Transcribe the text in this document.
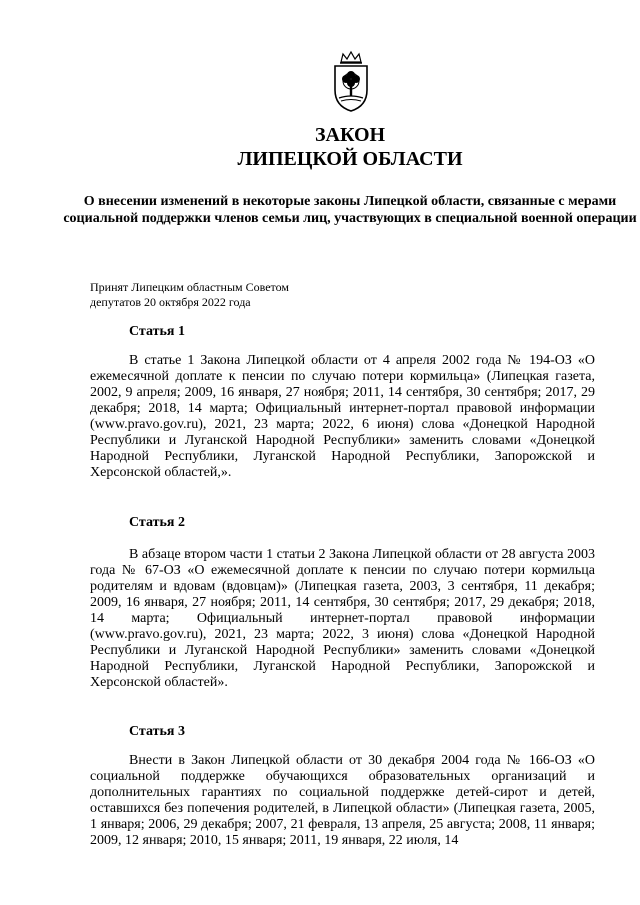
ЗАКОН
ЛИПЕЦКОЙ ОБЛАСТИ
О внесении изменений в некоторые законы Липецкой области, связанные с мерами социальной поддержки членов семьи лиц, участвующих в специальной военной операции
Принят Липецким областным Советом
депутатов 20 октября 2022 года
Статья 1
В статье 1 Закона Липецкой области от 4 апреля 2002 года № 194-ОЗ «О ежемесячной доплате к пенсии по случаю потери кормильца» (Липецкая газета, 2002, 9 апреля; 2009, 16 января, 27 ноября; 2011, 14 сентября, 30 сентября; 2017, 29 декабря; 2018, 14 марта; Официальный интернет-портал правовой информации (www.pravo.gov.ru), 2021, 23 марта; 2022, 6 июня) слова «Донецкой Народной Республики и Луганской Народной Республики» заменить словами «Донецкой Народной Республики, Луганской Народной Республики, Запорожской и Херсонской областей,».
Статья 2
В абзаце втором части 1 статьи 2 Закона Липецкой области от 28 августа 2003 года № 67-ОЗ «О ежемесячной доплате к пенсии по случаю потери кормильца родителям и вдовам (вдовцам)» (Липецкая газета, 2003, 3 сентября, 11 декабря; 2009, 16 января, 27 ноября; 2011, 14 сентября, 30 сентября; 2017, 29 декабря; 2018, 14 марта; Официальный интернет-портал правовой информации (www.pravo.gov.ru), 2021, 23 марта; 2022, 3 июня) слова «Донецкой Народной Республики и Луганской Народной Республики» заменить словами «Донецкой Народной Республики, Луганской Народной Республики, Запорожской и Херсонской областей».
Статья 3
Внести в Закон Липецкой области от 30 декабря 2004 года № 166-ОЗ «О социальной поддержке обучающихся образовательных организаций и дополнительных гарантиях по социальной поддержке детей-сирот и детей, оставшихся без попечения родителей, в Липецкой области» (Липецкая газета, 2005, 1 января; 2006, 29 декабря; 2007, 21 февраля, 13 апреля, 25 августа; 2008, 11 января; 2009, 12 января; 2010, 15 января; 2011, 19 января, 22 июля, 14
